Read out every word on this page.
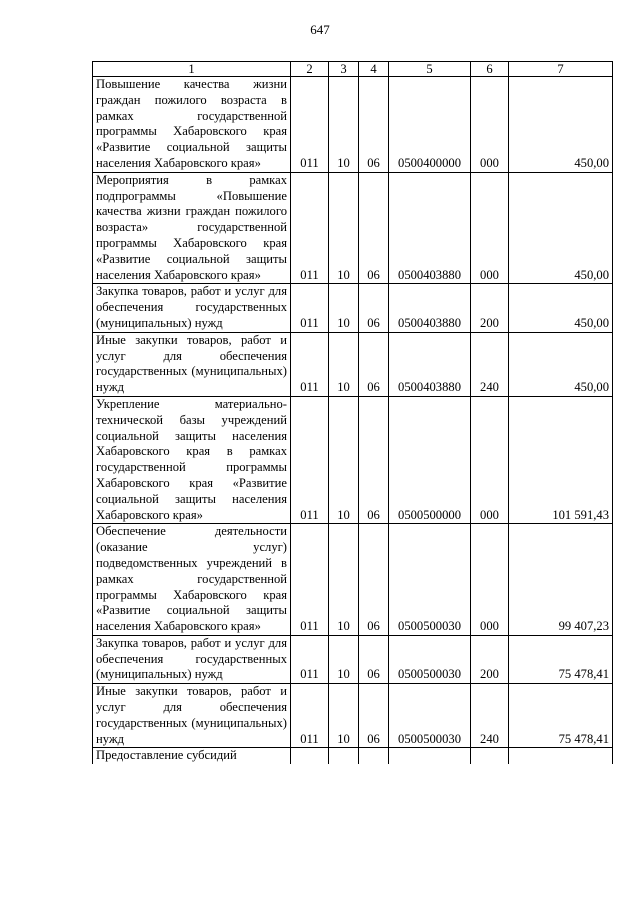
647
1	2	3	4	5	6	7
Повышение качества жизни граждан пожилого возраста в рамках государственной программы Хабаровского края «Развитие социальной защиты населения Хабаровского края»	011	10	06	0500400000	000	450,00
Мероприятия в рамках подпрограммы «Повышение качества жизни граждан пожилого возраста» государственной программы Хабаровского края «Развитие социальной защиты населения Хабаровского края»	011	10	06	0500403880	000	450,00
Закупка товаров, работ и услуг для обеспечения государственных (муниципальных) нужд	011	10	06	0500403880	200	450,00
Иные закупки товаров, работ и услуг для обеспечения государственных (муниципальных) нужд	011	10	06	0500403880	240	450,00
Укрепление материально-технической базы учреждений социальной защиты населения Хабаровского края в рамках государственной программы Хабаровского края «Развитие социальной защиты населения Хабаровского края»	011	10	06	0500500000	000	101 591,43
Обеспечение деятельности (оказание услуг) подведомственных учреждений в рамках государственной программы Хабаровского края «Развитие социальной защиты населения Хабаровского края»	011	10	06	0500500030	000	99 407,23
Закупка товаров, работ и услуг для обеспечения государственных (муниципальных) нужд	011	10	06	0500500030	200	75 478,41
Иные закупки товаров, работ и услуг для обеспечения государственных (муниципальных) нужд	011	10	06	0500500030	240	75 478,41
Предоставление субсидий						
